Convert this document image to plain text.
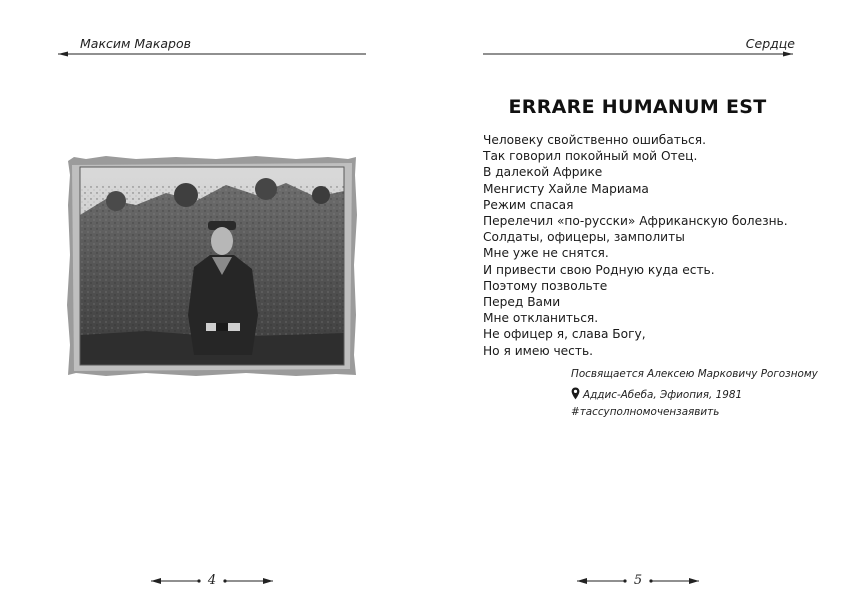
Максим Макаров
4
Сердце
ERRARE HUMANUM EST
Человеку свойственно ошибаться.
Так говорил покойный мой Отец.
В далекой Африке
Менгисту Хайле Мариама
Режим спасая
Перелечил «по-русски» Африканскую болезнь.
Солдаты, офицеры, замполиты
Мне уже не снятся.
И привести свою Родную куда есть.
Поэтому позвольте
Перед Вами
Мне откланиться.
Не офицер я, слава Богу,
Но я имею честь.
Посвящается Алексею Марковичу Рогозному
Аддис-Абеба, Эфиопия, 1981
#тассуполномочензаявить
5
